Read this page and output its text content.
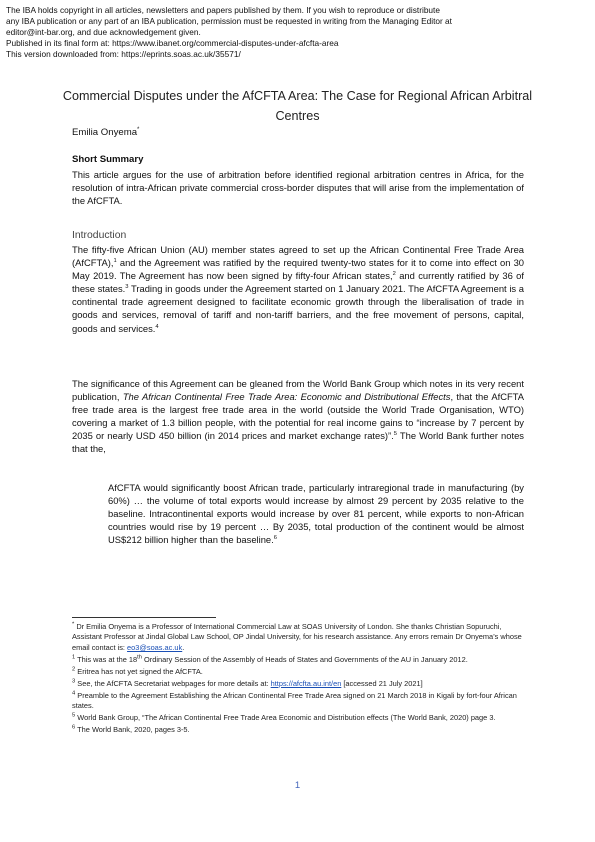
The IBA holds copyright in all articles, newsletters and papers published by them. If you wish to reproduce or distribute
any IBA publication or any part of an IBA publication, permission must be requested in writing from the Managing Editor at
editor@int-bar.org, and due acknowledgement given.
Published in its final form at: https://www.ibanet.org/commercial-disputes-under-afcfta-area
This version downloaded from: https://eprints.soas.ac.uk/35571/
Commercial Disputes under the AfCFTA Area: The Case for Regional African Arbitral Centres
Emilia Onyema*
Short Summary

This article argues for the use of arbitration before identified regional arbitration centres in Africa, for the resolution of intra-African private commercial cross-border disputes that will arise from the implementation of the AfCFTA.

Introduction

The fifty-five African Union (AU) member states agreed to set up the African Continental Free Trade Area (AfCFTA),$^1$ and the Agreement was ratified by the required twenty-two states for it to come into effect on 30 May 2019. The Agreement has now been signed by fifty-four African states,$^2$ and currently ratified by 36 of these states.$^3$ Trading in goods under the Agreement started on 1 January 2021. The AfCFTA Agreement is a continental trade agreement designed to facilitate economic growth through the liberalisation of trade in goods and services, removal of tariff and non-tariff barriers, and the free movement of persons, capital, goods and services.$^4$

The significance of this Agreement can be gleaned from the World Bank Group which notes in its very recent publication, The African Continental Free Trade Area: Economic and Distributional Effects, that the AfCFTA free trade area is the largest free trade area in the world (outside the World Trade Organisation, WTO) covering a market of 1.3 billion people, with the potential for real income gains to “increase by 7 percent by 2035 or nearly USD 450 billion (in 2014 prices and market exchange rates)”.$^5$ The World Bank further notes that the,

AfCFTA would significantly boost African trade, particularly intraregional trade in manufacturing (by 60%) … the volume of total exports would increase by almost 29 percent by 2035 relative to the baseline. Intracontinental exports would increase by over 81 percent, while exports to non-African countries would rise by 19 percent … By 2035, total production of the continent would be almost US$212 billion higher than the baseline.$^6$
* Dr Emilia Onyema is a Professor of International Commercial Law at SOAS University of London. She thanks Christian Sopuruchi, Assistant Professor at Jindal Global Law School, OP Jindal University, for his research assistance. Any errors remain Dr Onyema’s whose email contact is: eo3@soas.ac.uk.
$^1$ This was at the 18th Ordinary Session of the Assembly of Heads of States and Governments of the AU in January 2012.
$^2$ Eritrea has not yet signed the AfCFTA.
$^3$ See, the AfCFTA Secretariat webpages for more details at: https://afcfta.au.int/en [accessed 21 July 2021]
$^4$ Preamble to the Agreement Establishing the African Continental Free Trade Area signed on 21 March 2018 in Kigali by fort-four African states.
$^5$ World Bank Group, “The African Continental Free Trade Area Economic and Distribution effects (The World Bank, 2020) page 3.
$^6$ The World Bank, 2020, pages 3-5.
1
